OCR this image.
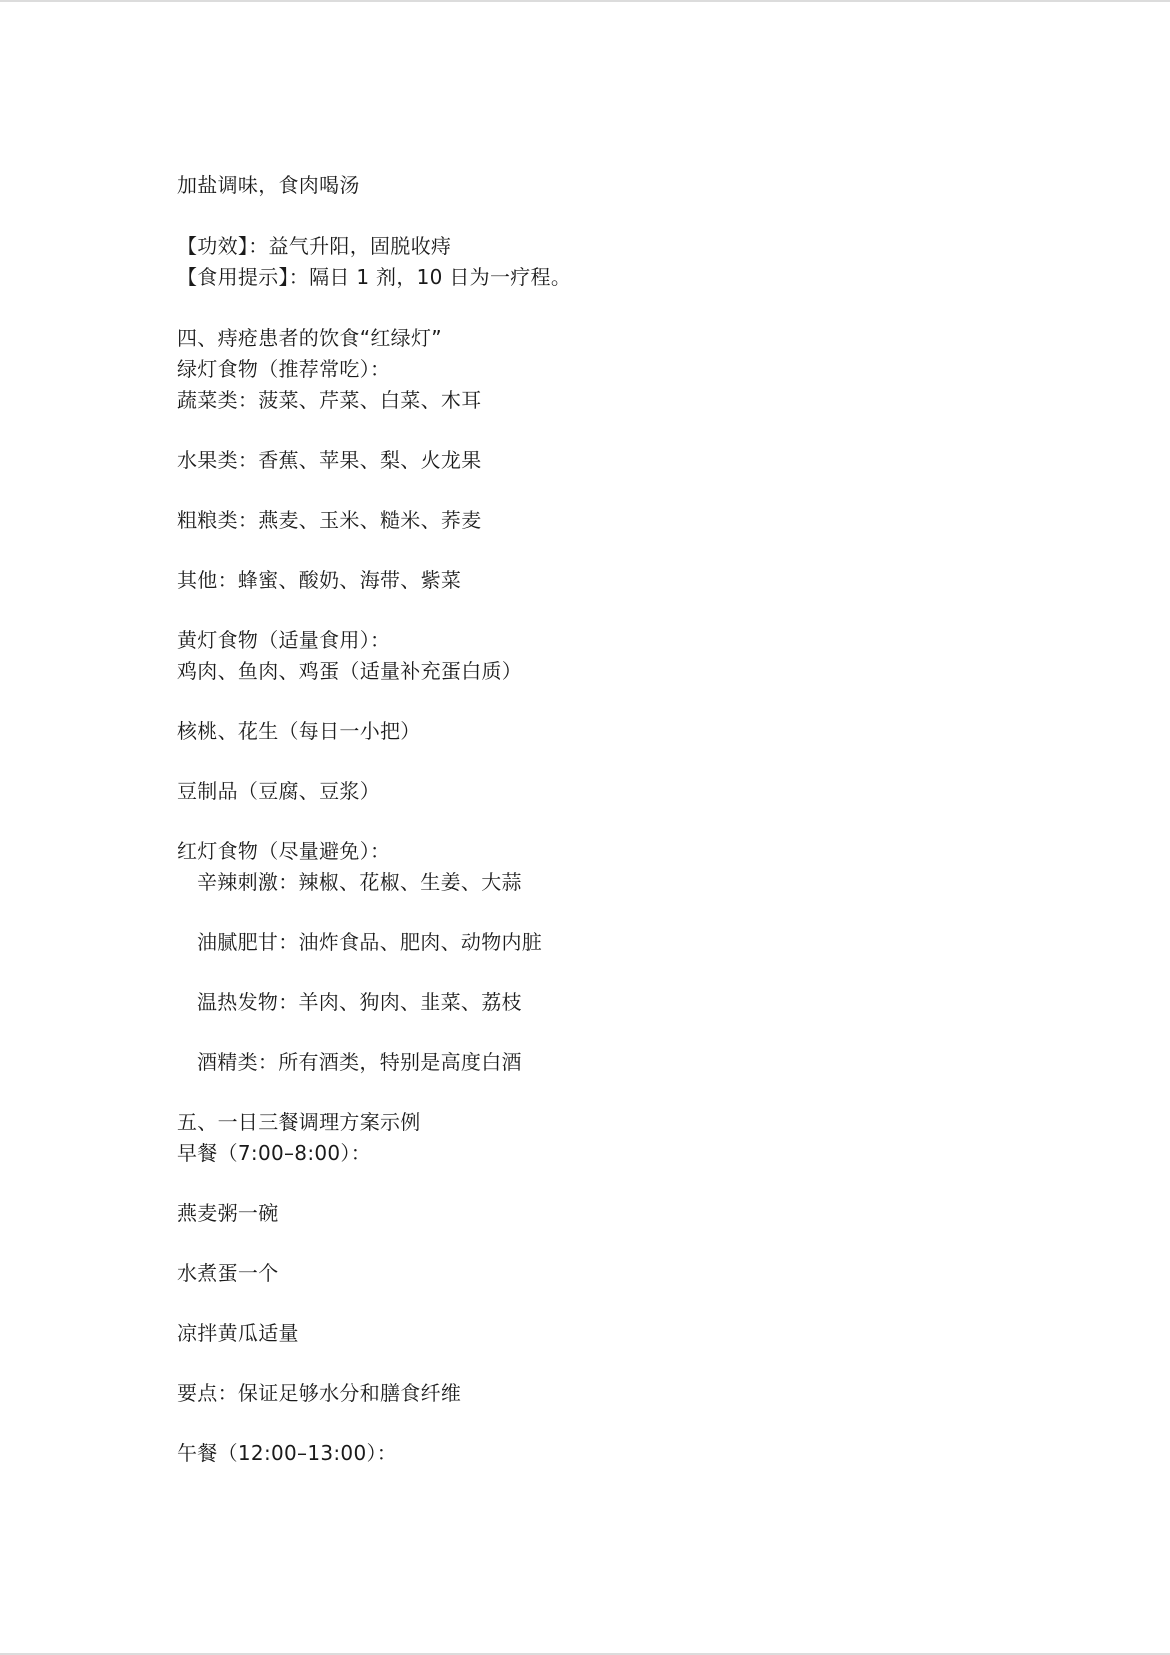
加盐调味，食肉喝汤
【功效】：益气升阳，固脱收痔
【食用提示】：隔日 1 剂，10 日为一疗程。
四、痔疮患者的饮食“红绿灯”
绿灯食物（推荐常吃）：
蔬菜类：菠菜、芹菜、白菜、木耳
水果类：香蕉、苹果、梨、火龙果
粗粮类：燕麦、玉米、糙米、荞麦
其他：蜂蜜、酸奶、海带、紫菜
黄灯食物（适量食用）：
鸡肉、鱼肉、鸡蛋（适量补充蛋白质）
核桃、花生（每日一小把）
豆制品（豆腐、豆浆）
红灯食物（尽量避免）：
辛辣刺激：辣椒、花椒、生姜、大蒜
油腻肥甘：油炸食品、肥肉、动物内脏
温热发物：羊肉、狗肉、韭菜、荔枝
酒精类：所有酒类，特别是高度白酒
五、一日三餐调理方案示例
早餐（7:00–8:00）：
燕麦粥一碗
水煮蛋一个
凉拌黄瓜适量
要点：保证足够水分和膳食纤维
午餐（12:00–13:00）：
